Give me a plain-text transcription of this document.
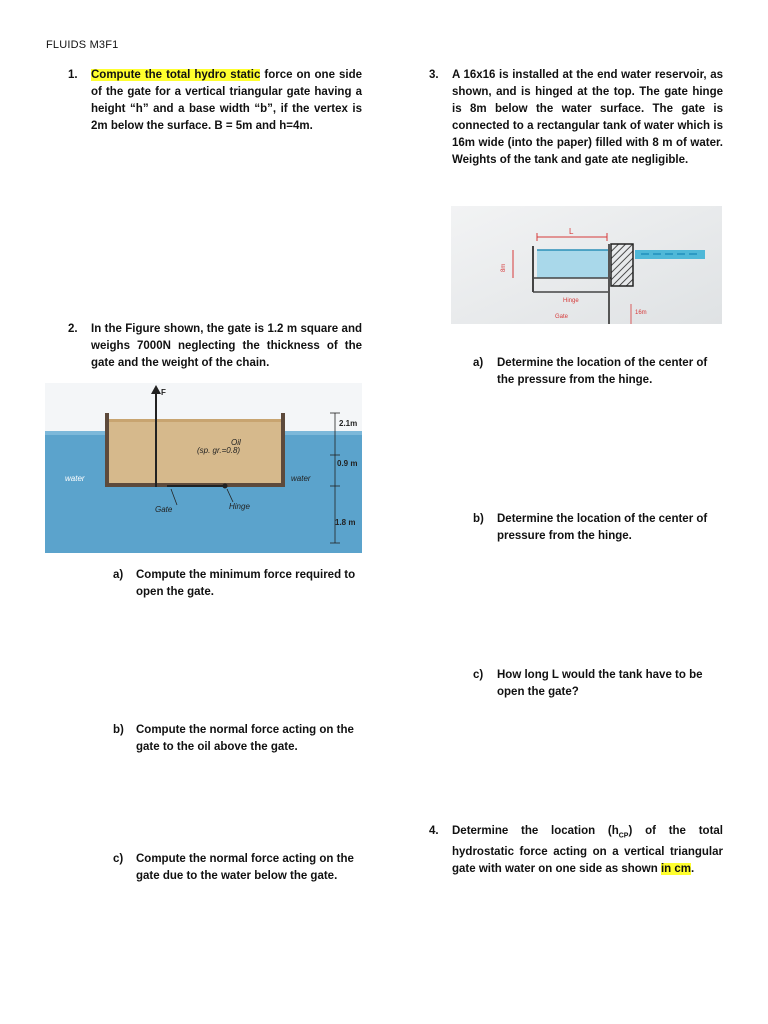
FLUIDS M3F1
1. Compute the total hydro static force on one side of the gate for a vertical triangular gate having a height “h” and a base width “b”, if the vertex is 2m below the surface. B = 5m and h=4m.
2. In the Figure shown, the gate is 1.2 m square and weighs 7000N neglecting the thickness of the gate and the weight of the chain.
F
Oil
(sp. gr.=0.8)
water	water
Gate	Hinge
2.1m
0.9 m
1.8 m
a) Compute the minimum force required to open the gate.
b) Compute the normal force acting on the gate to the oil above the gate.
c) Compute the normal force acting on the gate due to the water below the gate.
3. A 16x16 is installed at the end water reservoir, as shown, and is hinged at the top. The gate hinge is 8m below the water surface. The gate is connected to a rectangular tank of water which is 16m wide (into the paper) filled with 8 m of water. Weights of the tank and gate ate negligible.
L
8m
Hinge
Gate
16m
a) Determine the location of the center of the pressure from the hinge.
b) Determine the location of the center of pressure from the hinge.
c) How long L would the tank have to be open the gate?
4. Determine the location $(h_{CP})$ of the total hydrostatic force acting on a vertical triangular gate with water on one side as shown in cm.
